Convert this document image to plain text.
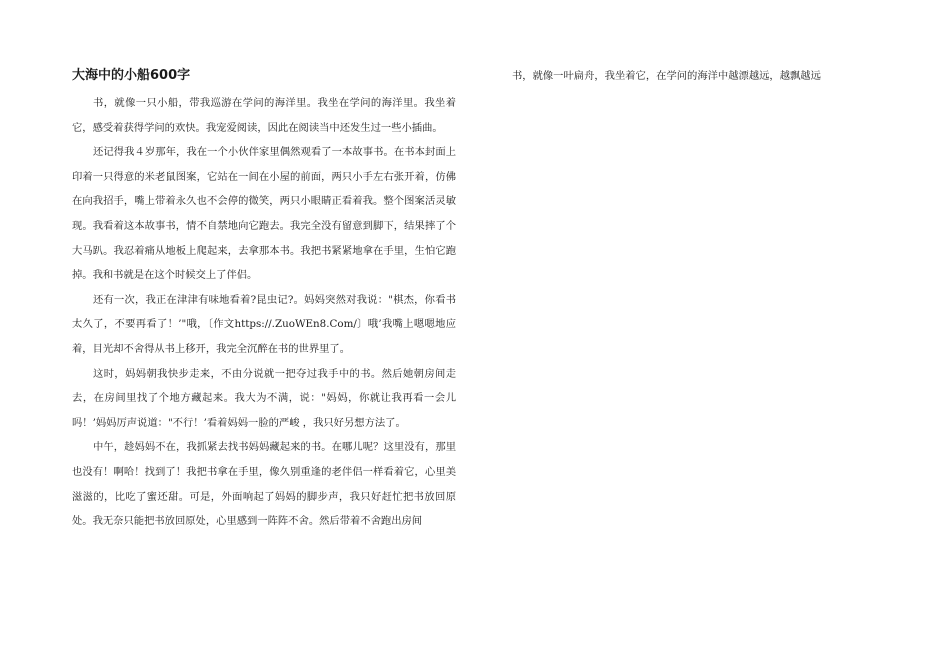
大海中的小船600字

书，就像一只小船，带我巡游在学问的海洋里。我坐在学问的海洋里。我坐着它，感受着获得学问的欢快。我宠爱阅读，因此在阅读当中还发生过一些小插曲。

还记得我４岁那年，我在一个小伙伴家里偶然观看了一本故事书。在书本封面上印着一只得意的米老鼠图案，它站在一间在小屋的前面，两只小手左右张开着，仿佛在向我招手，嘴上带着永久也不会停的微笑，两只小眼睛正看着我。整个图案活灵敏现。我看着这本故事书，情不自禁地向它跑去。我完全没有留意到脚下，结果摔了个大马趴。我忍着痛从地板上爬起来，去拿那本书。我把书紧紧地拿在手里，生怕它跑掉。我和书就是在这个时候交上了伴侣。

还有一次，我正在津津有味地看着?昆虫记?。妈妈突然对我说："棋杰，你看书太久了，不要再看了！’"哦，〔作文https://.ZuoWEn8.Com/〕哦’我嘴上嗯嗯地应着，目光却不舍得从书上移开，我完全沉醉在书的世界里了。

这时，妈妈朝我快步走来，不由分说就一把夺过我手中的书。然后她朝房间走去，在房间里找了个地方藏起来。我大为不满，说："妈妈，你就让我再看一会儿吗！’妈妈厉声说道："不行！’看着妈妈一脸的严峻 ，我只好另想方法了。

中午，趁妈妈不在，我抓紧去找书妈妈藏起来的书。在哪儿呢？这里没有，那里也没有！啊哈！找到了！我把书拿在手里，像久别重逢的老伴侣一样看着它，心里美滋滋的，比吃了蜜还甜。可是，外面响起了妈妈的脚步声，我只好赶忙把书放回原处。我无奈只能把书放回原处，心里感到一阵阵不舍。然后带着不舍跑出房间

书，就像一叶扁舟，我坐着它，在学问的海洋中越漂越远，越飘越远
